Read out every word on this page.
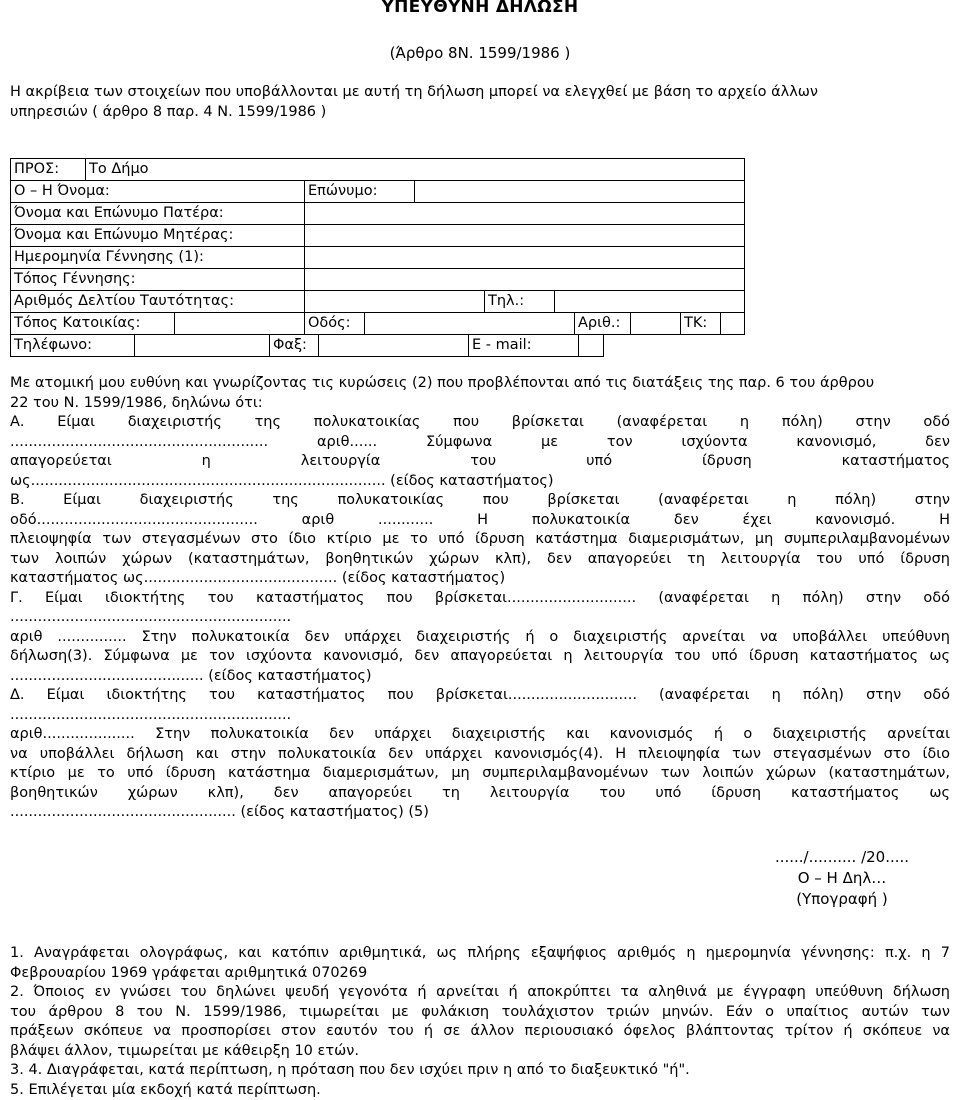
ΥΠΕΥΘΥΝΗ ΔΗΛΩΣΗ
(Άρθρο 8Ν. 1599/1986 )
Η ακρίβεια των στοιχείων που υποβάλλονται με αυτή τη δήλωση μπορεί να ελεγχθεί με βάση το αρχείο άλλων
υπηρεσιών ( άρθρο 8 παρ. 4 Ν. 1599/1986 )
ΠΡΟΣ:	Το Δήμο
Ο – Η Όνομα:	Επώνυμο:
Όνομα και Επώνυμο Πατέρα:
Όνομα και Επώνυμο Μητέρας:
Ημερομηνία Γέννησης (1):
Τόπος Γέννησης:
Αριθμός Δελτίου Ταυτότητας:	Τηλ.:
Τόπος Κατοικίας:	Οδός:	Αριθ.:	ΤΚ:
Τηλέφωνο:	Φαξ:	E - mail:
Με ατομική μου ευθύνη και γνωρίζοντας τις κυρώσεις (2) που προβλέπονται από τις διατάξεις της παρ. 6 του άρθρου
22 του Ν. 1599/1986, δηλώνω ότι:
Α. Είμαι διαχειριστής της πολυκατοικίας που βρίσκεται (αναφέρεται η πόλη) στην οδό
........................................................ αριθ...... Σύμφωνα με τον ισχύοντα κανονισμό, δεν
απαγορεύεται η λειτουργία του υπό ίδρυση καταστήματος
ως............................................................................. (είδος καταστήματος)
Β. Είμαι διαχειριστής της πολυκατοικίας που βρίσκεται (αναφέρεται η πόλη) στην
οδό................................................ αριθ ............ Η πολυκατοικία δεν έχει κανονισμό. Η
πλειοψηφία των στεγασμένων στο ίδιο κτίριο με το υπό ίδρυση κατάστημα διαμερισμάτων, μη συμπεριλαμβανομένων
των λοιπών χώρων (καταστημάτων, βοηθητικών χώρων κλπ), δεν απαγορεύει τη λειτουργία του υπό ίδρυση
καταστήματος ως.......................................... (είδος καταστήματος)
Γ. Είμαι ιδιοκτήτης του καταστήματος που βρίσκεται............................ (αναφέρεται η πόλη) στην οδό
.............................................................
αριθ ............... Στην πολυκατοικία δεν υπάρχει διαχειριστής ή ο διαχειριστής αρνείται να υποβάλλει υπεύθυνη
δήλωση(3). Σύμφωνα με τον ισχύοντα κανονισμό, δεν απαγορεύεται η λειτουργία του υπό ίδρυση καταστήματος ως
.......................................... (είδος καταστήματος)
Δ. Είμαι ιδιοκτήτης του καταστήματος που βρίσκεται............................ (αναφέρεται η πόλη) στην οδό
.............................................................
αριθ.................... Στην πολυκατοικία δεν υπάρχει διαχειριστής και κανονισμός ή ο διαχειριστής αρνείται
να υποβάλλει δήλωση και στην πολυκατοικία δεν υπάρχει κανονισμός(4). Η πλειοψηφία των στεγασμένων στο ίδιο
κτίριο με το υπό ίδρυση κατάστημα διαμερισμάτων, μη συμπεριλαμβανομένων των λοιπών χώρων (καταστημάτων,
βοηθητικών χώρων κλπ), δεν απαγορεύει τη λειτουργία του υπό ίδρυση καταστήματος ως
................................................. (είδος καταστήματος) (5)
....../.......... /20.....
Ο – Η Δηλ…
(Υπογραφή )
1. Αναγράφεται ολογράφως, και κατόπιν αριθμητικά, ως πλήρης εξαψήφιος αριθμός η ημερομηνία γέννησης: π.χ. η 7
Φεβρουαρίου 1969 γράφεται αριθμητικά 070269
2. Όποιος εν γνώσει του δηλώνει ψευδή γεγονότα ή αρνείται ή αποκρύπτει τα αληθινά με έγγραφη υπεύθυνη δήλωση
του άρθρου 8 του Ν. 1599/1986, τιμωρείται με φυλάκιση τουλάχιστον τριών μηνών. Εάν ο υπαίτιος αυτών των
πράξεων σκόπευε να προσπορίσει στον εαυτόν του ή σε άλλον περιουσιακό όφελος βλάπτοντας τρίτον ή σκόπευε να
βλάψει άλλον, τιμωρείται με κάθειρξη 10 ετών.
3. 4. Διαγράφεται, κατά περίπτωση, η πρόταση που δεν ισχύει πριν η από το διαξευκτικό "ή".
5. Επιλέγεται μία εκδοχή κατά περίπτωση.
